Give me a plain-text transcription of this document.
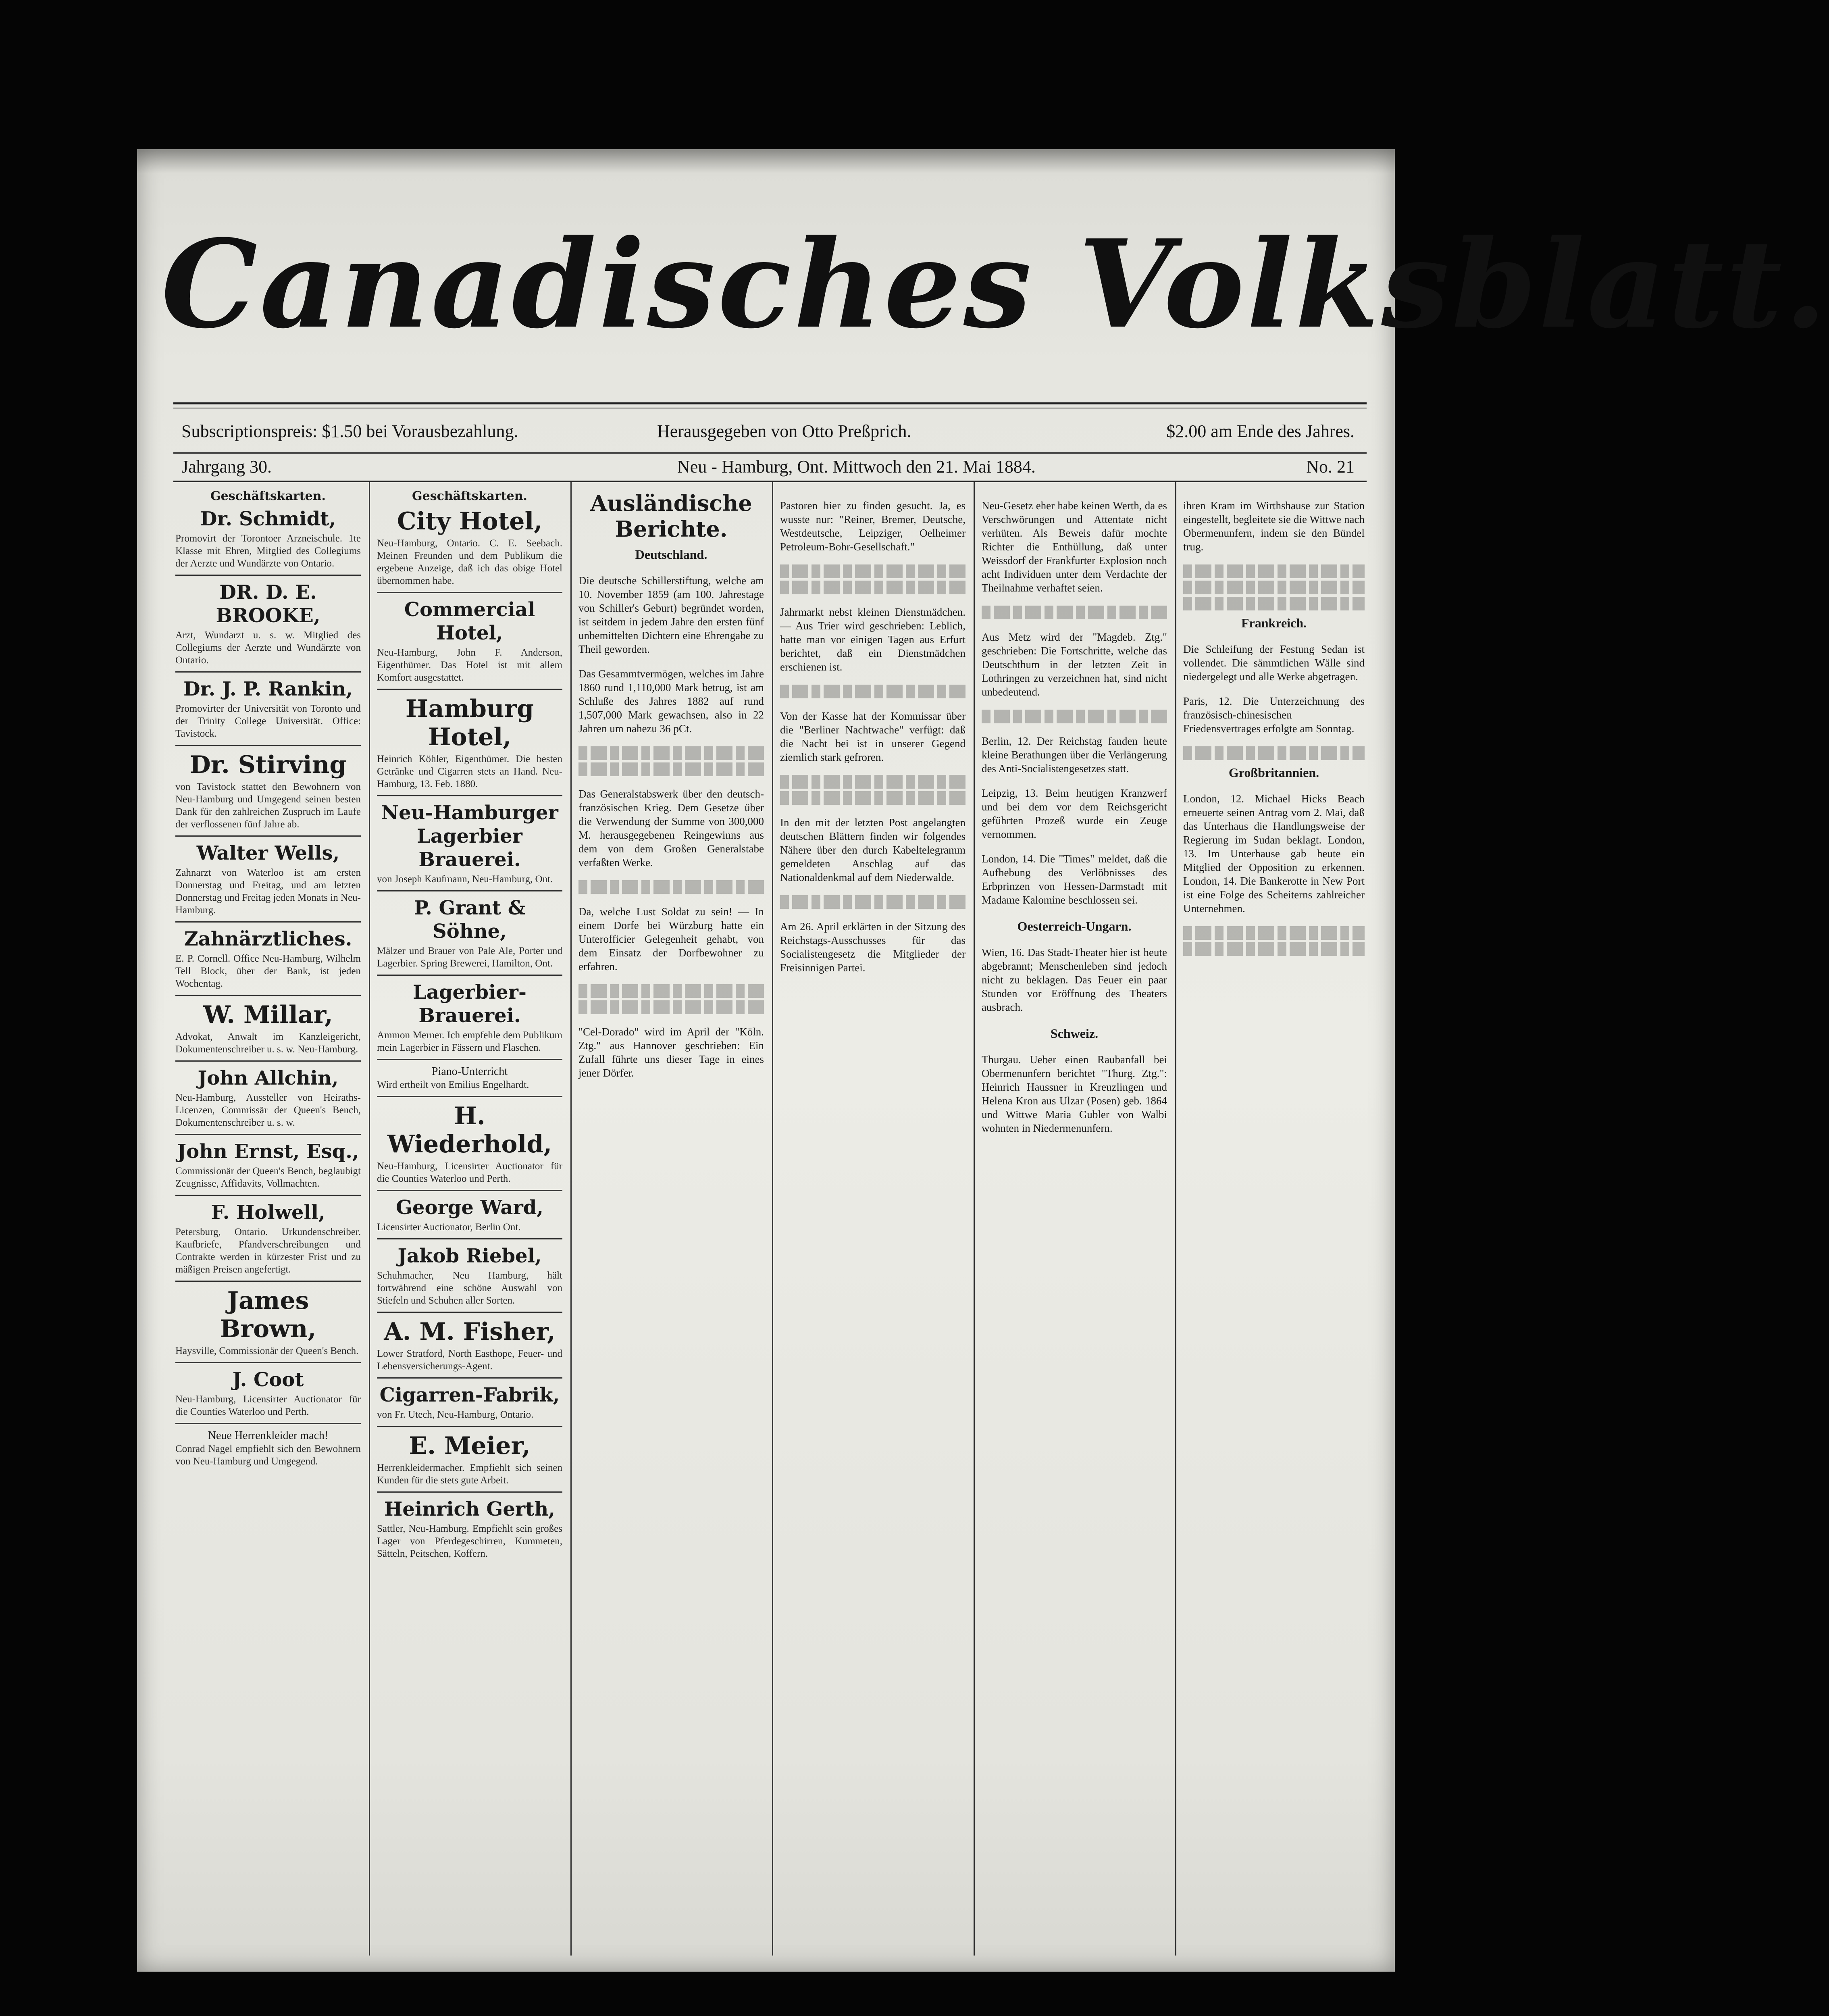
Canadisches Volksblatt.
Subscriptionspreis: $1.50 bei Vorausbezahlung.	Herausgegeben von Otto Preßprich.	$2.00 am Ende des Jahres.
Jahrgang 30.	Neu - Hamburg, Ont. Mittwoch den 21. Mai 1884.	No. 21
Geschäftskarten.
Dr. Schmidt,
Promovirt der Torontoer Arzneischule. 1te Klasse mit Ehren, Mitglied des Collegiums der Aerzte und Wundärzte von Ontario.
DR. D. E. BROOKE,
Arzt, Wundarzt u. s. w. Mitglied des Collegiums der Aerzte und Wundärzte von Ontario.
Dr. J. P. Rankin,
Promovirter der Universität von Toronto und der Trinity College Universität. Office: Tavistock.
Dr. Stirving
von Tavistock stattet den Bewohnern von Neu-Hamburg und Umgegend seinen besten Dank für den zahlreichen Zuspruch im Laufe der verflossenen fünf Jahre ab.
Walter Wells,
Zahnarzt von Waterloo ist am ersten Donnerstag und Freitag, und am letzten Donnerstag und Freitag jeden Monats in Neu-Hamburg.
Zahnärztliches.
E. P. Cornell. Office Neu-Hamburg, Wilhelm Tell Block, über der Bank, ist jeden Wochentag.
W. Millar,
Advokat, Anwalt im Kanzleigericht, Dokumentenschreiber u. s. w. Neu-Hamburg.
John Allchin,
Neu-Hamburg, Aussteller von Heiraths-Licenzen, Commissär der Queen's Bench, Dokumentenschreiber u. s. w.
John Ernst, Esq.,
Commissionär der Queen's Bench, beglaubigt Zeugnisse, Affidavits, Vollmachten.
F. Holwell,
Petersburg, Ontario. Urkundenschreiber. Kaufbriefe, Pfandverschreibungen und Contrakte werden in kürzester Frist und zu mäßigen Preisen angefertigt.
James Brown,
Haysville, Commissionär der Queen's Bench.
J. Coot
Neu-Hamburg, Licensirter Auctionator für die Counties Waterloo und Perth.
Neue Herrenkleider mach!
Conrad Nagel empfiehlt sich den Bewohnern von Neu-Hamburg und Umgegend.
Geschäftskarten.
City Hotel,
Neu-Hamburg, Ontario. C. E. Seebach. Meinen Freunden und dem Publikum die ergebene Anzeige, daß ich das obige Hotel übernommen habe.
Commercial Hotel,
Neu-Hamburg, John F. Anderson, Eigenthümer. Das Hotel ist mit allem Komfort ausgestattet.
Hamburg Hotel,
Heinrich Köhler, Eigenthümer. Die besten Getränke und Cigarren stets an Hand. Neu-Hamburg, 13. Feb. 1880.
Neu-Hamburger Lagerbier Brauerei.
von Joseph Kaufmann, Neu-Hamburg, Ont.
P. Grant & Söhne,
Mälzer und Brauer von Pale Ale, Porter und Lagerbier. Spring Brewerei, Hamilton, Ont.
Lagerbier-Brauerei.
Ammon Merner. Ich empfehle dem Publikum mein Lagerbier in Fässern und Flaschen.
Piano-Unterricht
Wird ertheilt von Emilius Engelhardt.
H. Wiederhold,
Neu-Hamburg, Licensirter Auctionator für die Counties Waterloo und Perth.
George Ward,
Licensirter Auctionator, Berlin Ont.
Jakob Riebel,
Schuhmacher, Neu Hamburg, hält fortwährend eine schöne Auswahl von Stiefeln und Schuhen aller Sorten.
A. M. Fisher,
Lower Stratford, North Easthope, Feuer- und Lebensversicherungs-Agent.
Cigarren-Fabrik,
von Fr. Utech, Neu-Hamburg, Ontario.
E. Meier,
Herrenkleidermacher. Empfiehlt sich seinen Kunden für die stets gute Arbeit.
Heinrich Gerth,
Sattler, Neu-Hamburg. Empfiehlt sein großes Lager von Pferdegeschirren, Kummeten, Sätteln, Peitschen, Koffern.
Ausländische Berichte.
Deutschland.

Die deutsche Schillerstiftung, welche am 10. November 1859 (am 100. Jahrestage von Schiller's Geburt) begründet worden, ist seitdem in jedem Jahre den ersten fünf unbemittelten Dichtern eine Ehrengabe zu Theil geworden.

Das Gesammtvermögen, welches im Jahre 1860 rund 1,110,000 Mark betrug, ist am Schluße des Jahres 1882 auf rund 1,507,000 Mark gewachsen, also in 22 Jahren um nahezu 36 pCt.

Das Generalstabswerk über den deutsch-französischen Krieg. Dem Gesetze über die Verwendung der Summe von 300,000 M. herausgegebenen Reingewinns aus dem von dem Großen Generalstabe verfaßten Werke.

Da, welche Lust Soldat zu sein! — In einem Dorfe bei Würzburg hatte ein Unterofficier Gelegenheit gehabt, von dem Einsatz der Dorfbewohner zu erfahren.

"Cel-Dorado" wird im April der "Köln. Ztg." aus Hannover geschrieben: Ein Zufall führte uns dieser Tage in eines jener Dörfer.

Pastoren hier zu finden gesucht. Ja, es wusste nur: "Reiner, Bremer, Deutsche, Westdeutsche, Leipziger, Oelheimer Petroleum-Bohr-Gesellschaft."

Jahrmarkt nebst kleinen Dienstmädchen. — Aus Trier wird geschrieben: Leblich, hatte man vor einigen Tagen aus Erfurt berichtet, daß ein Dienstmädchen erschienen ist.

Von der Kasse hat der Kommissar über die "Berliner Nachtwache" verfügt: daß die Nacht bei ist in unserer Gegend ziemlich stark gefroren.

In den mit der letzten Post angelangten deutschen Blättern finden wir folgendes Nähere über den durch Kabeltelegramm gemeldeten Anschlag auf das Nationaldenkmal auf dem Niederwalde.

Am 26. April erklärten in der Sitzung des Reichstags-Ausschusses für das Socialistengesetz die Mitglieder der Freisinnigen Partei.

Neu-Gesetz eher habe keinen Werth, da es Verschwörungen und Attentate nicht verhüten. Als Beweis dafür mochte Richter die Enthüllung, daß unter Weissdorf der Frankfurter Explosion noch acht Individuen unter dem Verdachte der Theilnahme verhaftet seien.

Aus Metz wird der "Magdeb. Ztg." geschrieben: Die Fortschritte, welche das Deutschthum in der letzten Zeit in Lothringen zu verzeichnen hat, sind nicht unbedeutend.

Berlin, 12. Der Reichstag fanden heute kleine Berathungen über die Verlängerung des Anti-Socialistengesetzes statt.

Leipzig, 13. Beim heutigen Kranzwerf und bei dem vor dem Reichsgericht geführten Prozeß wurde ein Zeuge vernommen.

London, 14. Die "Times" meldet, daß die Aufhebung des Verlöbnisses des Erbprinzen von Hessen-Darmstadt mit Madame Kalomine beschlossen sei.

Oesterreich-Ungarn.

Wien, 16. Das Stadt-Theater hier ist heute abgebrannt; Menschenleben sind jedoch nicht zu beklagen. Das Feuer ein paar Stunden vor Eröffnung des Theaters ausbrach.

Schweiz.

Thurgau. Ueber einen Raubanfall bei Obermenunfern berichtet "Thurg. Ztg.": Heinrich Haussner in Kreuzlingen und Helena Kron aus Ulzar (Posen) geb. 1864 und Wittwe Maria Gubler von Walbi wohnten in Niedermenunfern.

ihren Kram im Wirthshause zur Station eingestellt, begleitete sie die Wittwe nach Obermenunfern, indem sie den Bündel trug.

Frankreich.

Die Schleifung der Festung Sedan ist vollendet. Die sämmtlichen Wälle sind niedergelegt und alle Werke abgetragen.

Paris, 12. Die Unterzeichnung des französisch-chinesischen Friedensvertrages erfolgte am Sonntag.

Großbritannien.

London, 12. Michael Hicks Beach erneuerte seinen Antrag vom 2. Mai, daß das Unterhaus die Handlungsweise der Regierung im Sudan beklagt. London, 13. Im Unterhause gab heute ein Mitglied der Opposition zu erkennen. London, 14. Die Bankerotte in New Port ist eine Folge des Scheiterns zahlreicher Unternehmen.
